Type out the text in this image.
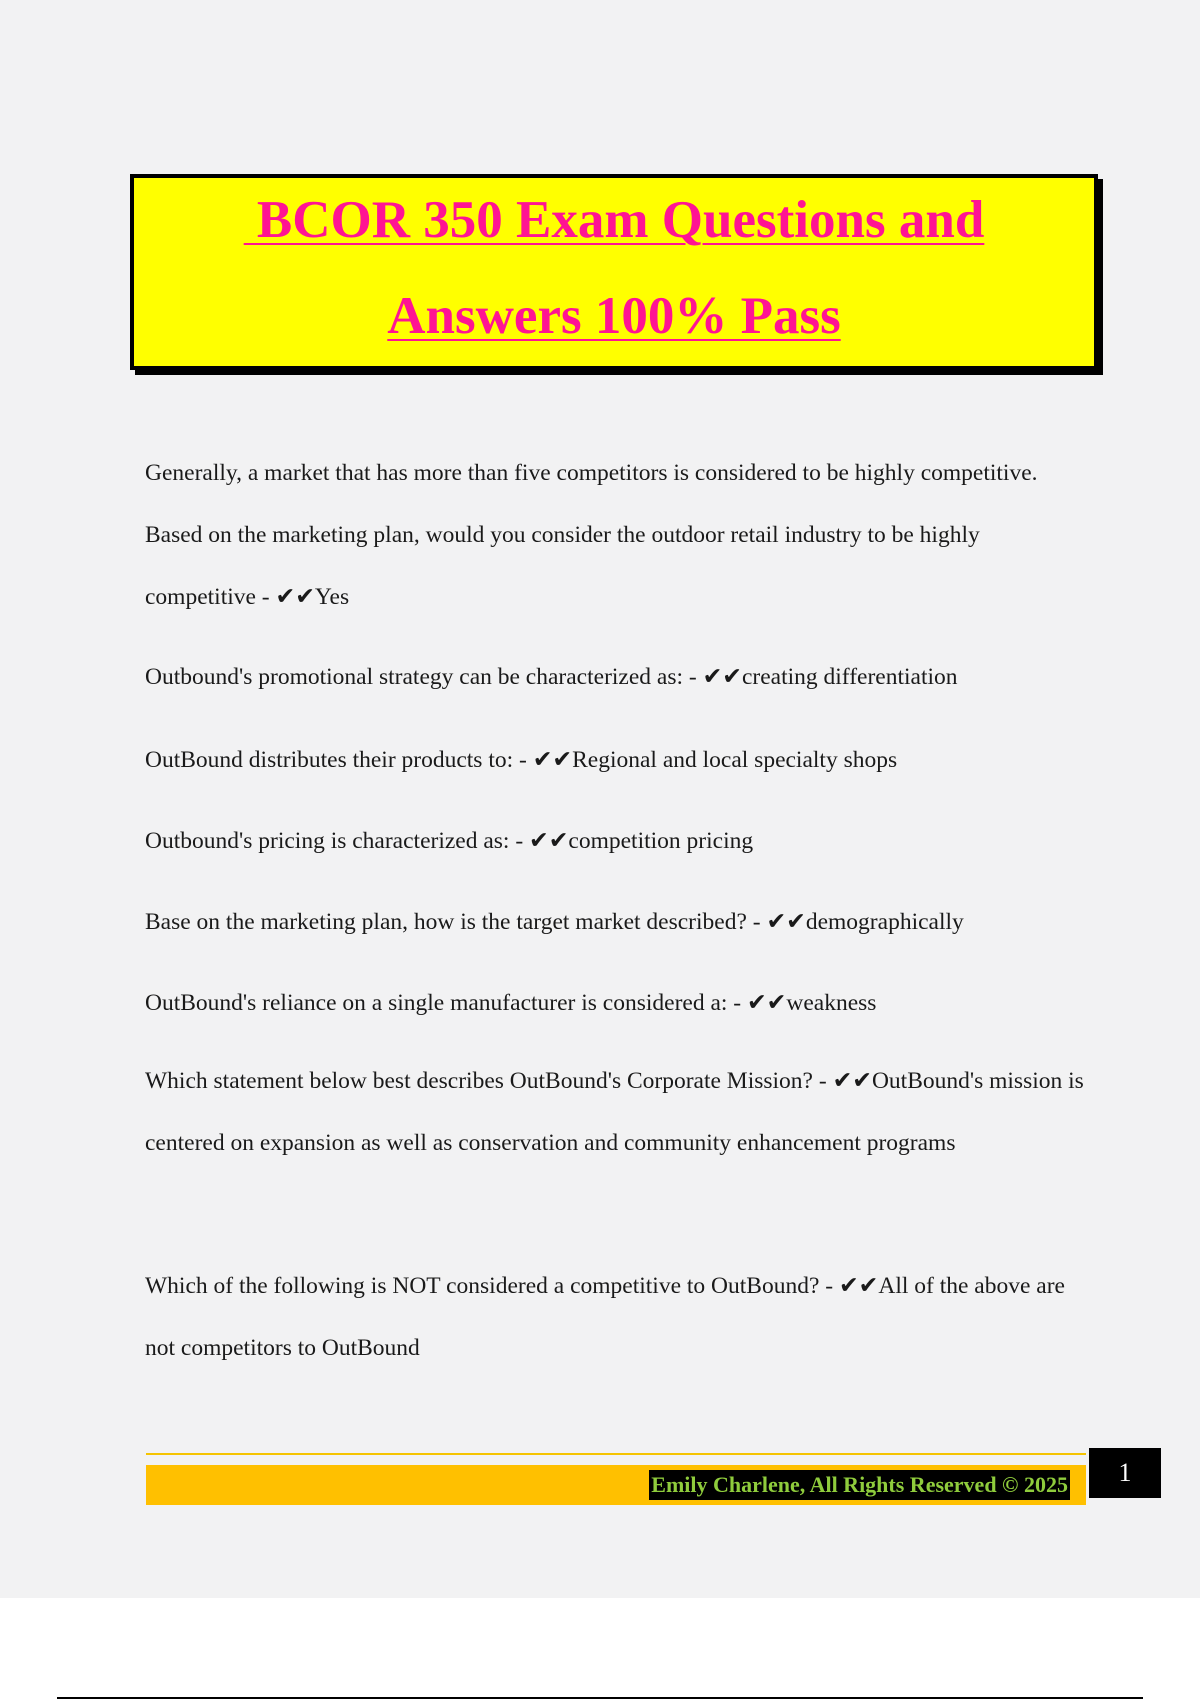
BCOR 350 Exam Questions and
Answers 100% Pass

Generally, a market that has more than five competitors is considered to be highly competitive. Based on the marketing plan, would you consider the outdoor retail industry to be highly competitive - ✔✔Yes

Outbound's promotional strategy can be characterized as: - ✔✔creating differentiation

OutBound distributes their products to: - ✔✔Regional and local specialty shops

Outbound's pricing is characterized as: - ✔✔competition pricing

Base on the marketing plan, how is the target market described? - ✔✔demographically

OutBound's reliance on a single manufacturer is considered a: - ✔✔weakness

Which statement below best describes OutBound's Corporate Mission? - ✔✔OutBound's mission is centered on expansion as well as conservation and community enhancement programs

Which of the following is NOT considered a competitive to OutBound? - ✔✔All of the above are not competitors to OutBound

Emily Charlene, All Rights Reserved © 2025	1
